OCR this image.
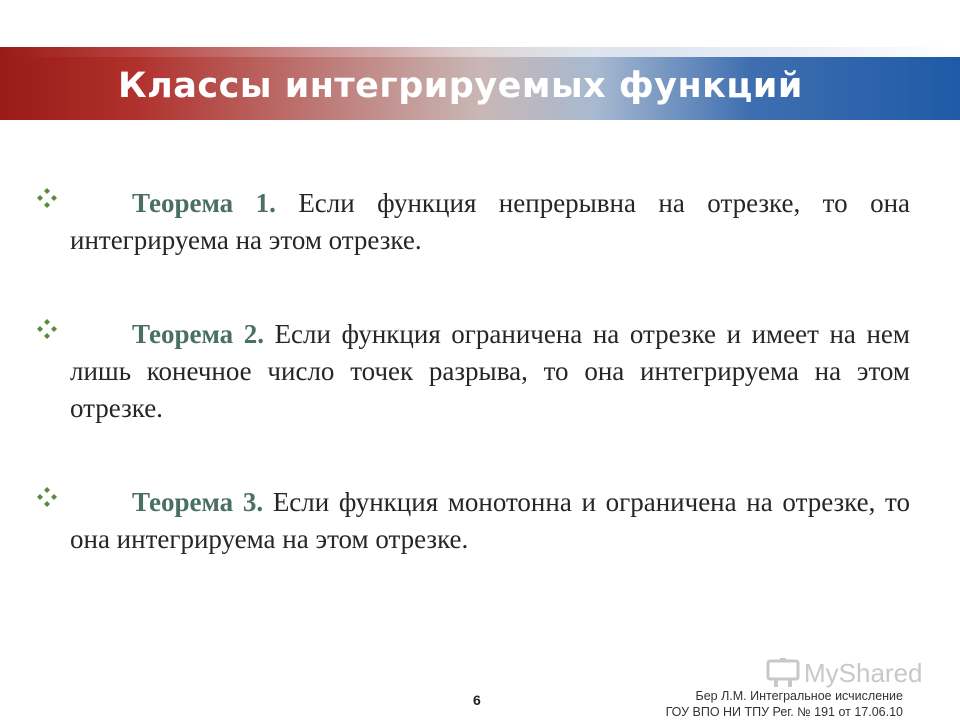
Классы интегрируемых функций
Теорема 1. Если функция непрерывна на отрезке, то она интегрируема на этом отрезке.
Теорема 2. Если функция ограничена на отрезке и имеет на нем лишь конечное число точек разрыва, то она интегрируема на этом отрезке.
Теорема 3. Если функция монотонна и ограничена на отрезке, то она интегрируема на этом отрезке.
MyShared
6	Бер Л.М. Интегральное исчисление
ГОУ ВПО НИ ТПУ Рег. № 191 от 17.06.10
